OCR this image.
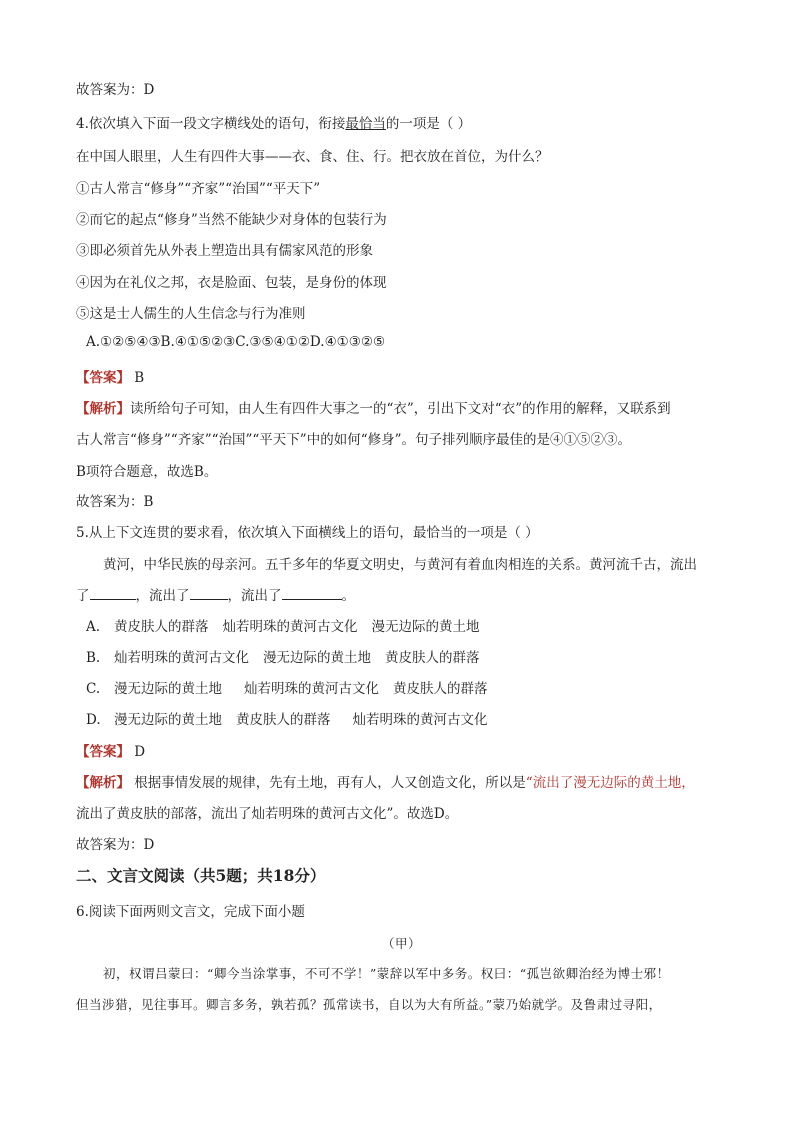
故答案为：D
4.依次填入下面一段文字横线处的语句，衔接最恰当的一项是（ ）
在中国人眼里，人生有四件大事——衣、食、住、行。把衣放在首位，为什么？
①古人常言“修身”“齐家”“治国”“平天下”
②而它的起点“修身”当然不能缺少对身体的包装行为
③即必须首先从外表上塑造出具有儒家风范的形象
④因为在礼仪之邦，衣是脸面、包装，是身份的体现
⑤这是士人儒生的人生信念与行为准则
A.①②⑤④③B.④①⑤②③C.③⑤④①②D.④①③②⑤
【答案】 B
【解析】读所给句子可知，由人生有四件大事之一的“衣”，引出下文对“衣”的作用的解释，又联系到
古人常言“修身”“齐家”“治国”“平天下”中的如何“修身”。句子排列顺序最佳的是④①⑤②③。
B项符合题意，故选B。
故答案为：B
5.从上下文连贯的要求看，依次填入下面横线上的语句，最恰当的一项是（ ）
黄河，中华民族的母亲河。五千多年的华夏文明史，与黄河有着血肉相连的关系。黄河流千古，流出
了	，流出了	，流出了	。
A. 黄皮肤人的群落 灿若明珠的黄河古文化 漫无边际的黄土地
B. 灿若明珠的黄河古文化 漫无边际的黄土地 黄皮肤人的群落
C. 漫无边际的黄土地 灿若明珠的黄河古文化 黄皮肤人的群落
D. 漫无边际的黄土地 黄皮肤人的群落 灿若明珠的黄河古文化
【答案】 D
【解析】 根据事情发展的规律，先有土地，再有人，人又创造文化，所以是“流出了漫无边际的黄土地，
流出了黄皮肤的部落，流出了灿若明珠的黄河古文化”。故选D。
故答案为：D
二、文言文阅读（共5题；共18分）
6.阅读下面两则文言文，完成下面小题
（甲）
初，权谓吕蒙曰：“卿今当涂掌事，不可不学！”蒙辞以军中多务。权曰：“孤岂欲卿治经为博士邪！
但当涉猎，见往事耳。卿言多务，孰若孤？孤常读书，自以为大有所益。”蒙乃始就学。及鲁肃过寻阳，
